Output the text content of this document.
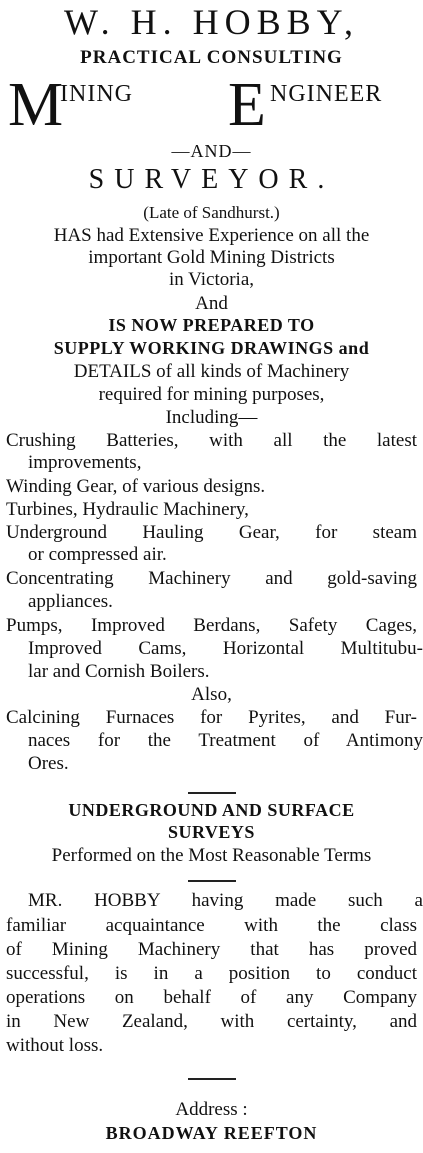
W. H. HOBBY,
PRACTICAL CONSULTING
M
INING E NGINEER
—AND—
SURVEYOR.
(Late of Sandhurst.)
HAS had Extensive Experience on all the
important Gold Mining Districts
in Victoria,
And
IS NOW PREPARED TO
SUPPLY WORKING DRAWINGS and
DETAILS of all kinds of Machinery
required for mining purposes,
Including—
Crushing Batteries, with all the latest
improvements,
Winding Gear, of various designs.
Turbines, Hydraulic Machinery,
Underground Hauling Gear, for steam
or compressed air.
Concentrating Machinery and gold-saving
appliances.
Pumps, Improved Berdans, Safety Cages,
Improved Cams, Horizontal Multitubu-
lar and Cornish Boilers.
Also,
Calcining Furnaces for Pyrites, and Fur-
naces for the Treatment of Antimony
Ores.
UNDERGROUND AND SURFACE
SURVEYS
Performed on the Most Reasonable Terms
MR. HOBBY having made such a
familiar acquaintance with the class
of Mining Machinery that has proved
successful, is in a position to conduct
operations on behalf of any Company
in New Zealand, with certainty, and
without loss.
Address :
BROADWAY REEFTON
